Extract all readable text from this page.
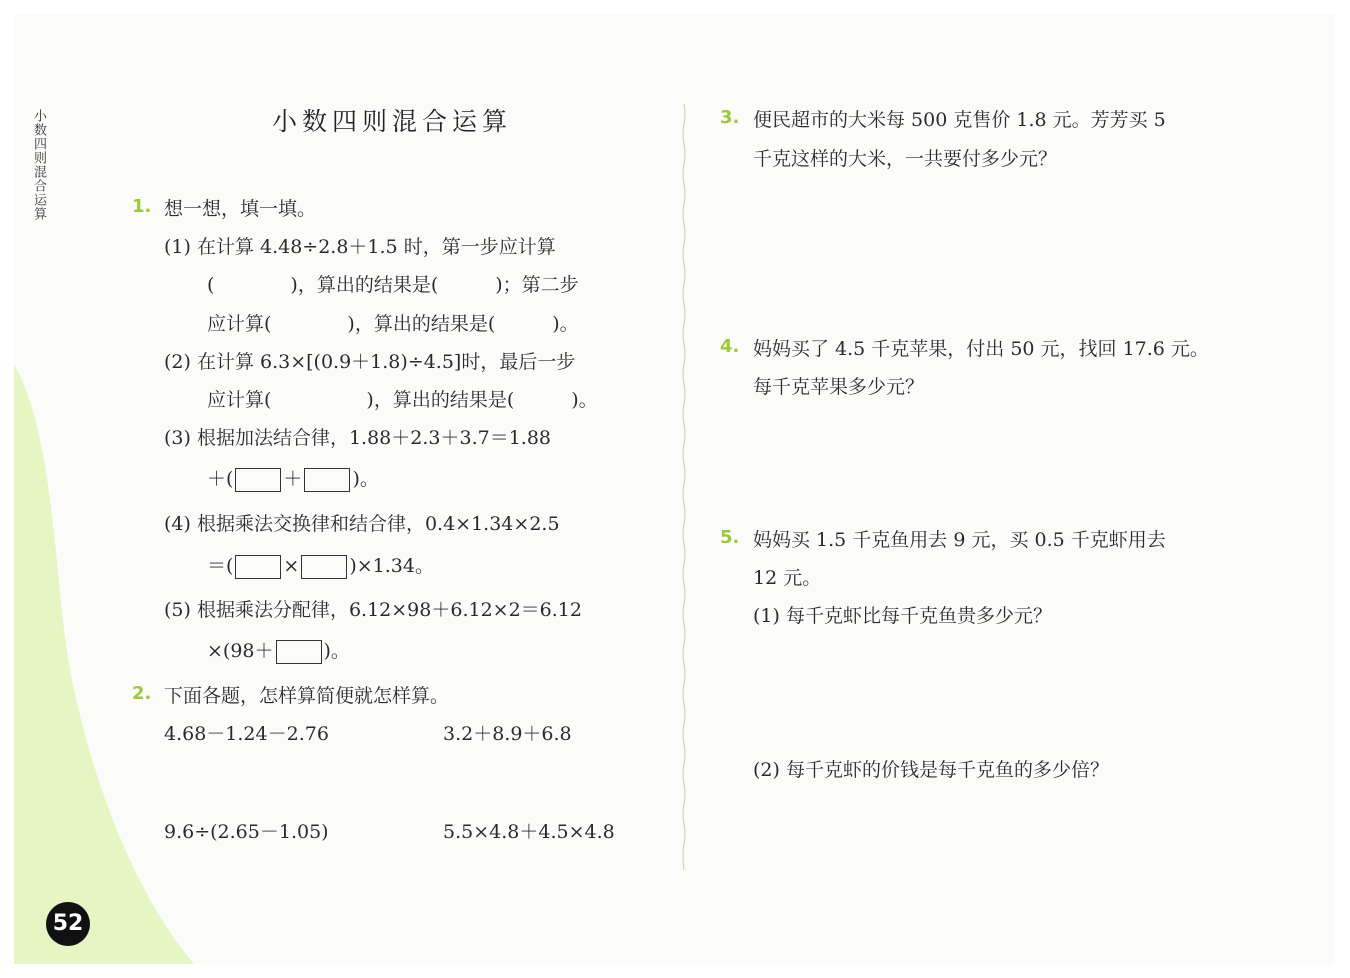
小数四则混合运算	小数四则混合运算
1. 想一想，填一填。
(1) 在计算 4.48÷2.8＋1.5 时，第一步应计算
(　　　　)，算出的结果是(　　　)；第二步
应计算(　　　　)，算出的结果是(　　　)。
(2) 在计算 6.3×[(0.9＋1.8)÷4.5]时，最后一步
应计算(　　　　　)，算出的结果是(　　　)。
(3) 根据加法结合律，1.88＋2.3＋3.7＝1.88
＋(	＋	)。
(4) 根据乘法交换律和结合律，0.4×1.34×2.5
＝(	×	)×1.34。
(5) 根据乘法分配律，6.12×98＋6.12×2＝6.12
×(98＋	)。
2. 下面各题，怎样算简便就怎样算。
4.68－1.24－2.76	3.2＋8.9＋6.8
9.6÷(2.65－1.05)	5.5×4.8＋4.5×4.8
3. 便民超市的大米每 500 克售价 1.8 元。芳芳买 5
千克这样的大米，一共要付多少元？
4. 妈妈买了 4.5 千克苹果，付出 50 元，找回 17.6 元。
每千克苹果多少元？
5. 妈妈买 1.5 千克鱼用去 9 元，买 0.5 千克虾用去
12 元。
(1) 每千克虾比每千克鱼贵多少元？
(2) 每千克虾的价钱是每千克鱼的多少倍？
52
